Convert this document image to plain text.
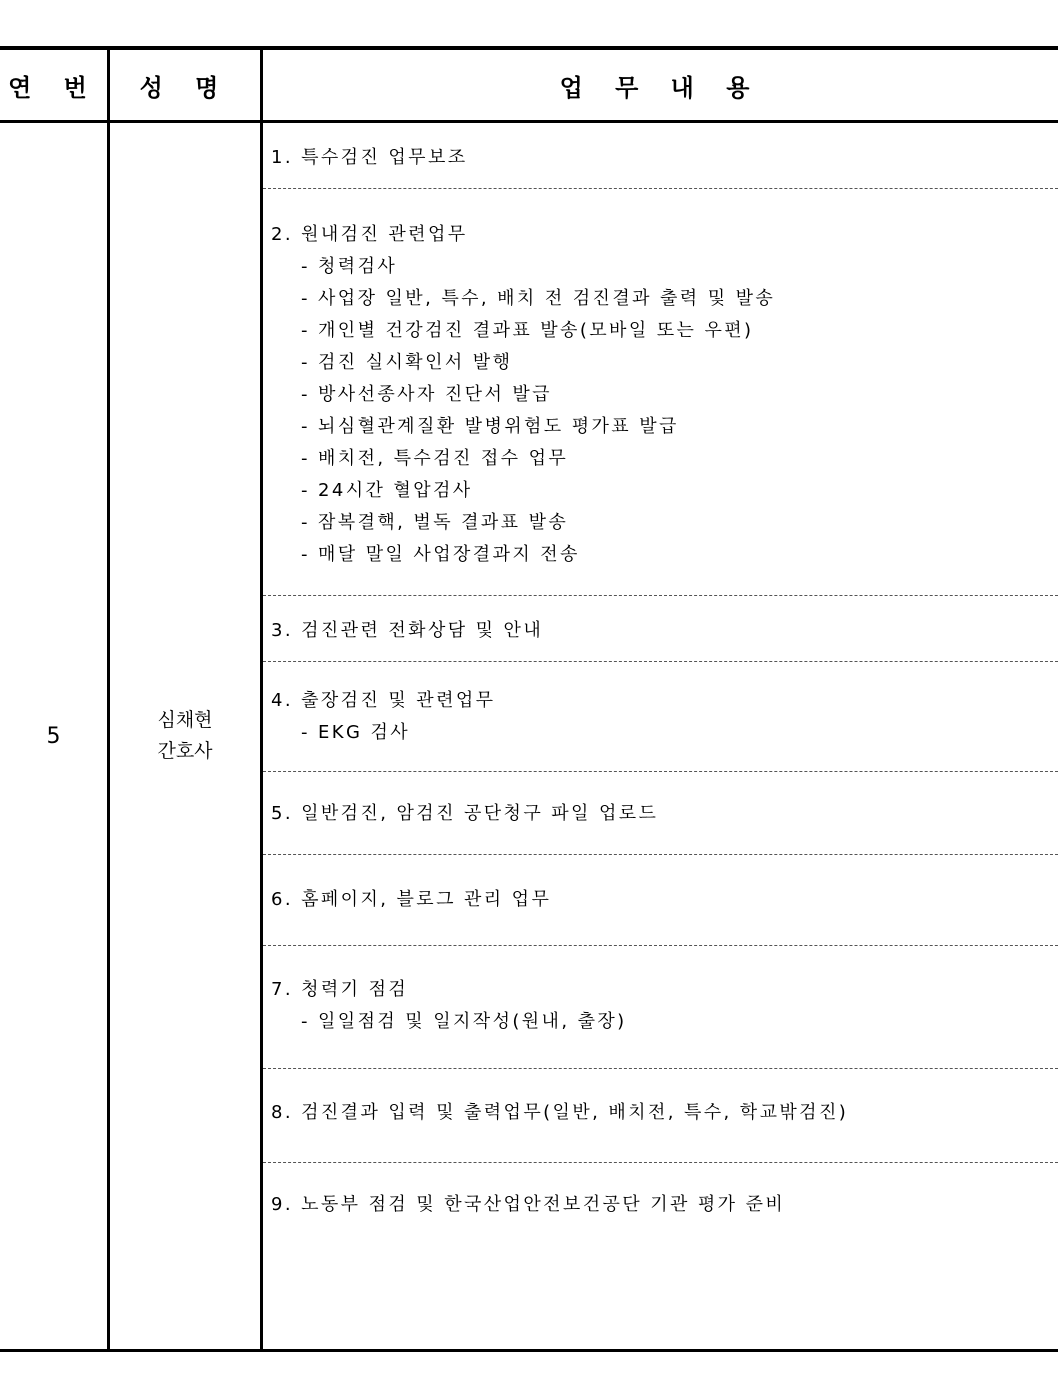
연 번	성 명	업 무 내 용
5
심채현
간호사
1. 특수검진 업무보조
2. 원내검진 관련업무
- 청력검사
- 사업장 일반, 특수, 배치 전 검진결과 출력 및 발송
- 개인별 건강검진 결과표 발송(모바일 또는 우편)
- 검진 실시확인서 발행
- 방사선종사자 진단서 발급
- 뇌심혈관계질환 발병위험도 평가표 발급
- 배치전, 특수검진 접수 업무
- 24시간 혈압검사
- 잠복결핵, 벌독 결과표 발송
- 매달 말일 사업장결과지 전송
3. 검진관련 전화상담 및 안내
4. 출장검진 및 관련업무
- EKG 검사
5. 일반검진, 암검진 공단청구 파일 업로드
6. 홈페이지, 블로그 관리 업무
7. 청력기 점검
- 일일점검 및 일지작성(원내, 출장)
8. 검진결과 입력 및 출력업무(일반, 배치전, 특수, 학교밖검진)
9. 노동부 점검 및 한국산업안전보건공단 기관 평가 준비
